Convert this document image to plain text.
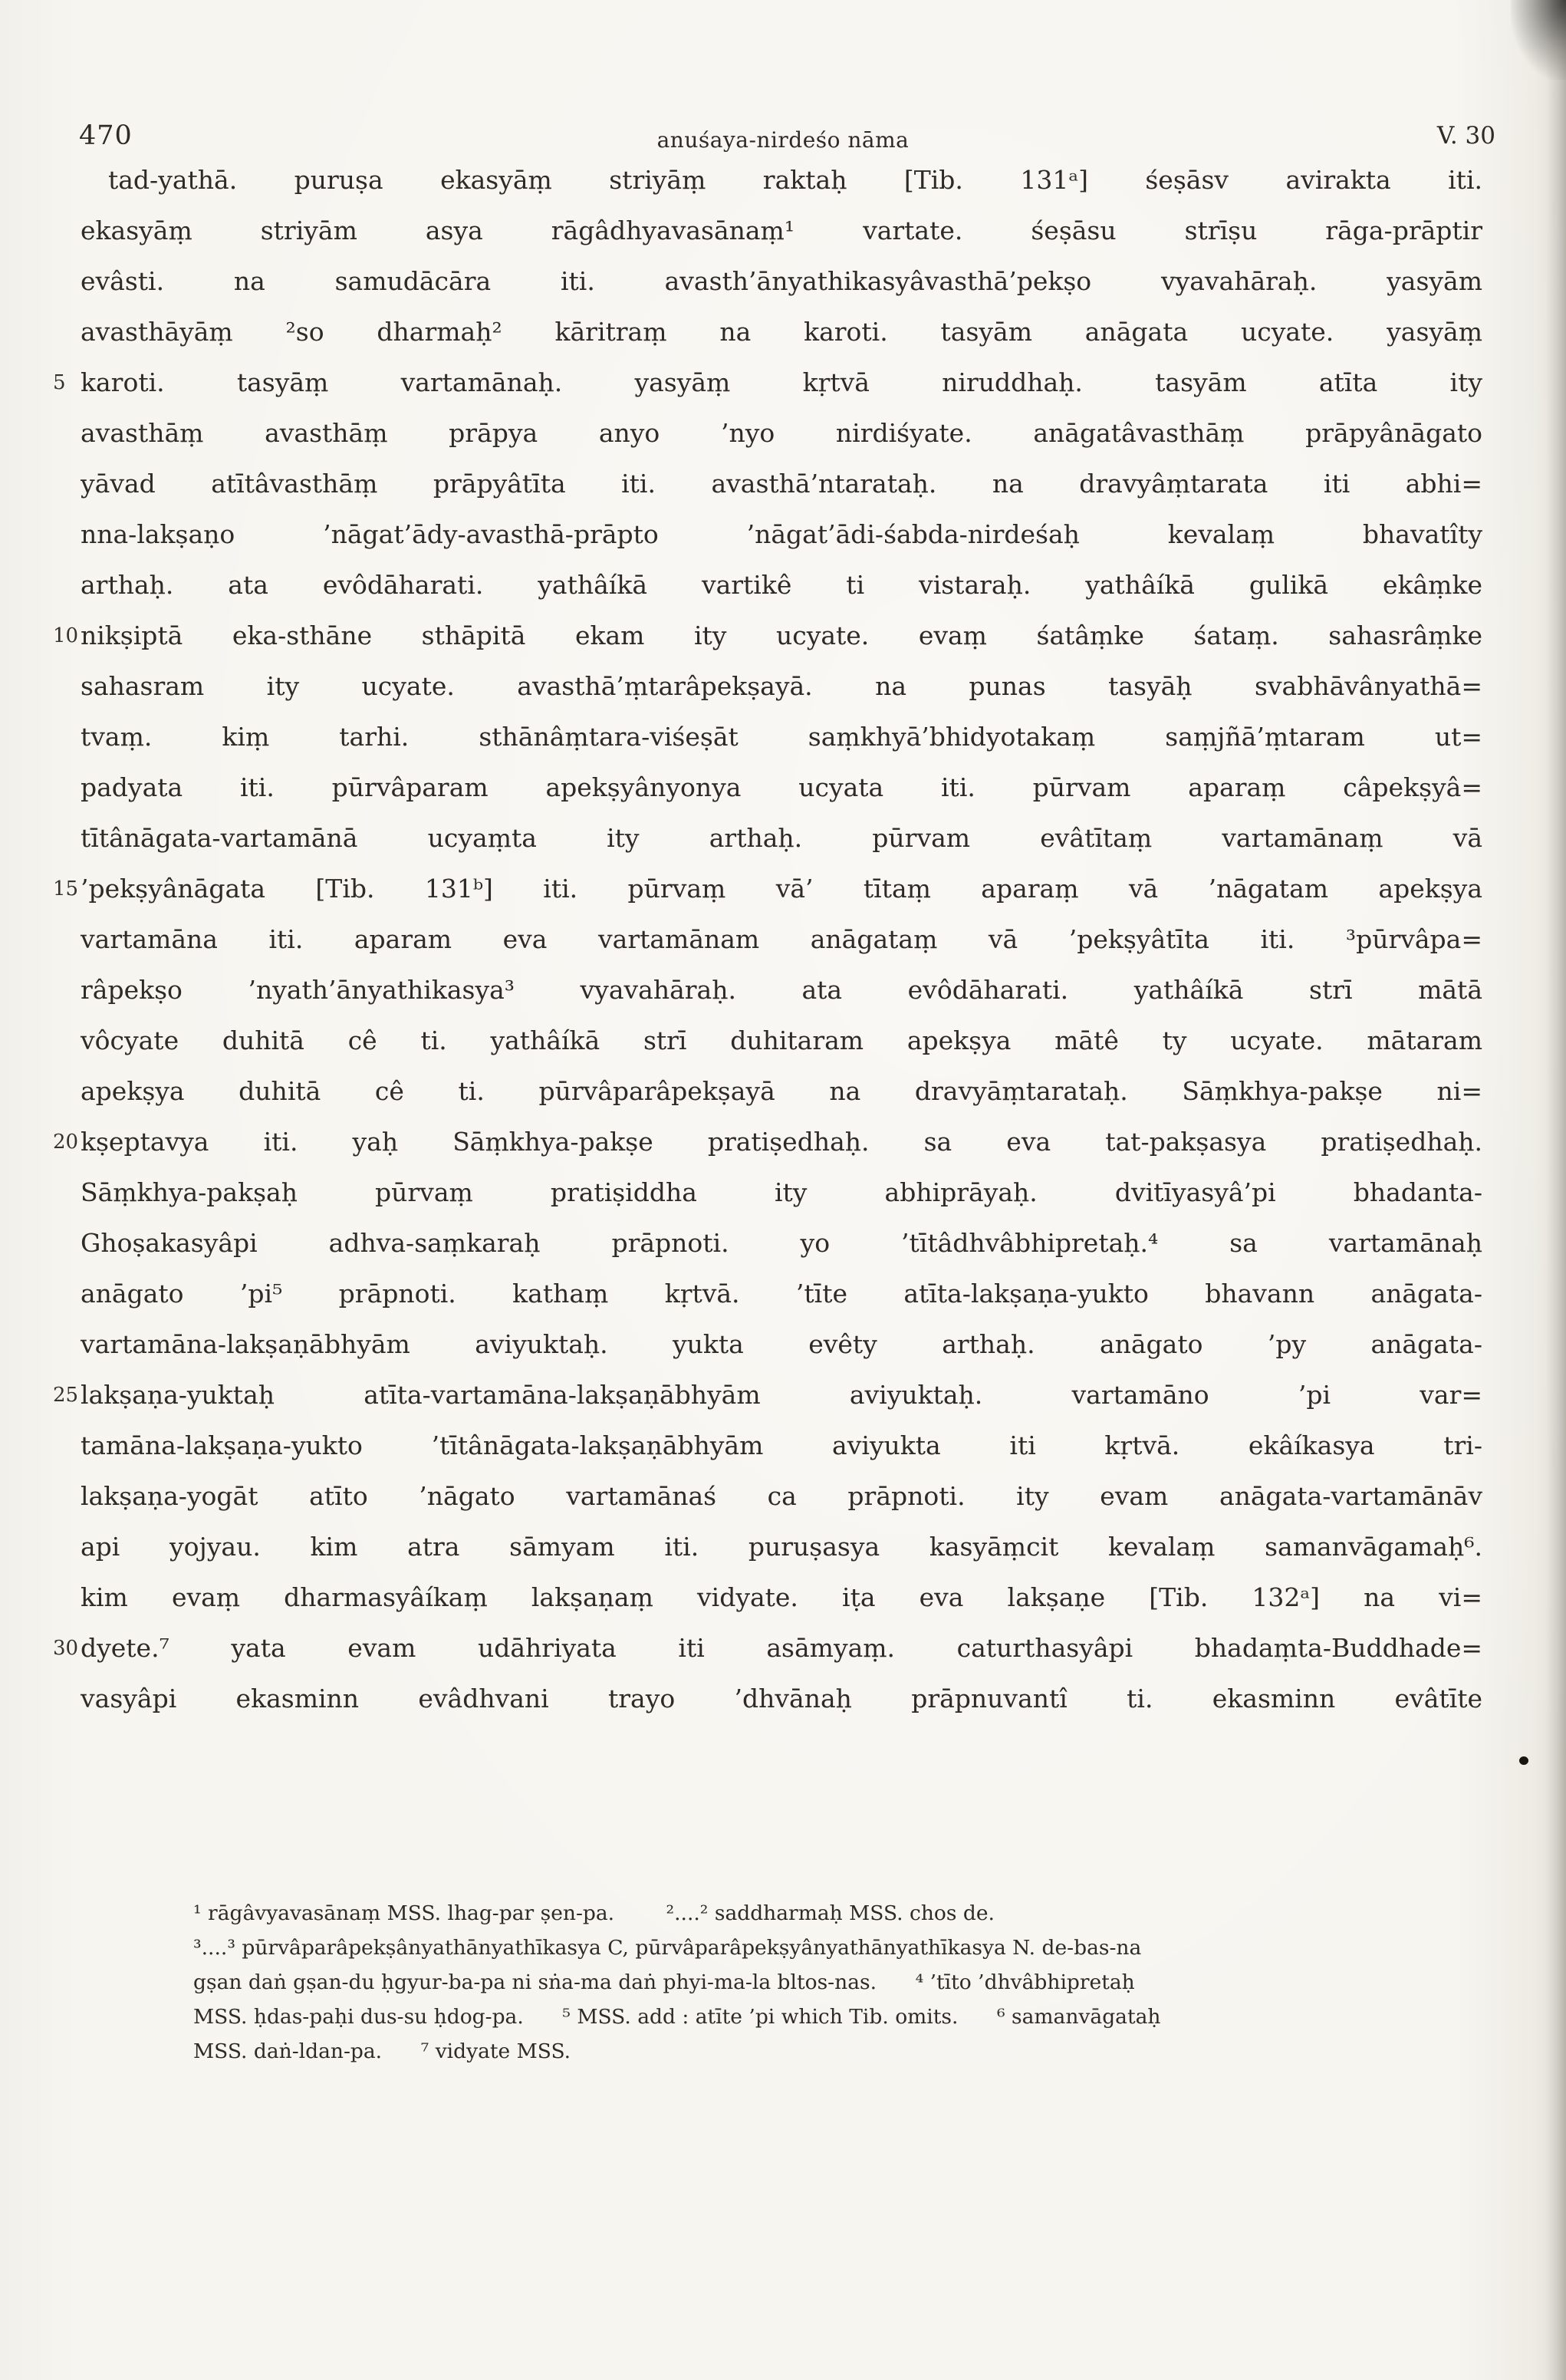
470	anuśaya-nirdeśo nāma	V. 30
tad-yathā. puruṣa ekasyāṃ striyāṃ raktaḥ [Tib. 131ᵃ] śeṣāsv avirakta iti.
ekasyāṃ striyām asya rāgâdhyavasānaṃ¹ vartate. śeṣāsu strīṣu rāga-prāptir
evâsti. na samudācāra iti. avasth’ānyathikasyâvasthā’pekṣo vyavahāraḥ. yasyām
avasthāyāṃ ²so dharmaḥ² kāritraṃ na karoti. tasyām anāgata ucyate. yasyāṃ
5 karoti. tasyāṃ vartamānaḥ. yasyāṃ kṛtvā niruddhaḥ. tasyām atīta ity
avasthāṃ avasthāṃ prāpya anyo ’nyo nirdiśyate. anāgatâvasthāṃ prāpyânāgato
yāvad atītâvasthāṃ prāpyâtīta iti. avasthā’ntarataḥ. na dravyâṃtarata iti abhi=
nna-lakṣaṇo ’nāgat’ādy-avasthā-prāpto ’nāgat’ādi-śabda-nirdeśaḥ kevalaṃ bhavatîty
arthaḥ. ata evôdāharati. yathâíkā vartikê ti vistaraḥ. yathâíkā gulikā ekâṃke
10 nikṣiptā eka-sthāne sthāpitā ekam ity ucyate. evaṃ śatâṃke śataṃ. sahasrâṃke
sahasram ity ucyate. avasthā’ṃtarâpekṣayā. na punas tasyāḥ svabhāvânyathā=
tvaṃ. kiṃ tarhi. sthānâṃtara-viśeṣāt saṃkhyā’bhidyotakaṃ saṃjñā’ṃtaram ut=
padyata iti. pūrvâparam apekṣyânyonya ucyata iti. pūrvam aparaṃ câpekṣyâ=
tītânāgata-vartamānā ucyaṃta ity arthaḥ. pūrvam evâtītaṃ vartamānaṃ vā
15 ’pekṣyânāgata [Tib. 131ᵇ] iti. pūrvaṃ vā’ tītaṃ aparaṃ vā ’nāgatam apekṣya
vartamāna iti. aparam eva vartamānam anāgataṃ vā ’pekṣyâtīta iti. ³pūrvâpa=
râpekṣo ’nyath’ānyathikasya³ vyavahāraḥ. ata evôdāharati. yathâíkā strī mātā
vôcyate duhitā cê ti. yathâíkā strī duhitaram apekṣya mātê ty ucyate. mātaram
apekṣya duhitā cê ti. pūrvâparâpekṣayā na dravyāṃtarataḥ. Sāṃkhya-pakṣe ni=
20 kṣeptavya iti. yaḥ Sāṃkhya-pakṣe pratiṣedhaḥ. sa eva tat-pakṣasya pratiṣedhaḥ.
Sāṃkhya-pakṣaḥ pūrvaṃ pratiṣiddha ity abhiprāyaḥ. dvitīyasyâ’pi bhadanta-
Ghoṣakasyâpi adhva-saṃkaraḥ prāpnoti. yo ’tītâdhvâbhipretaḥ.⁴ sa vartamānaḥ
anāgato ’pi⁵ prāpnoti. kathaṃ kṛtvā. ’tīte atīta-lakṣaṇa-yukto bhavann anāgata-
vartamāna-lakṣaṇābhyām aviyuktaḥ. yukta evêty arthaḥ. anāgato ’py anāgata-
25 lakṣaṇa-yuktaḥ atīta-vartamāna-lakṣaṇābhyām aviyuktaḥ. vartamāno ’pi var=
tamāna-lakṣaṇa-yukto ’tītânāgata-lakṣaṇābhyām aviyukta iti kṛtvā. ekâíkasya tri-
lakṣaṇa-yogāt atīto ’nāgato vartamānaś ca prāpnoti. ity evam anāgata-vartamānāv
api yojyau. kim atra sāmyam iti. puruṣasya kasyāṃcit kevalaṃ samanvāgamaḥ⁶.
kim evaṃ dharmasyâíkaṃ lakṣaṇaṃ vidyate. iṭa eva lakṣaṇe [Tib. 132ᵃ] na vi=
30 dyete.⁷ yata evam udāhriyata iti asāmyaṃ. caturthasyâpi bhadaṃta-Buddhade=
vasyâpi ekasminn evâdhvani trayo ’dhvānaḥ prāpnuvantî ti. ekasminn evâtīte
¹ rāgâvyavasānaṃ MSS. lhag-par ṣen-pa.        ²....² saddharmaḥ MSS. chos de.
³....³ pūrvâparâpekṣânyathānyathīkasya C, pūrvâparâpekṣyânyathānyathīkasya N. de-bas-na
gṣan daṅ gṣan-du ḥgyur-ba-pa ni sṅa-ma daṅ phyi-ma-la bltos-nas.      ⁴ ’tīto ’dhvâbhipretaḥ
MSS. ḥdas-paḥi dus-su ḥdog-pa.      ⁵ MSS. add : atīte ’pi which Tib. omits.      ⁶ samanvāgataḥ
MSS. daṅ-ldan-pa.      ⁷ vidyate MSS.
